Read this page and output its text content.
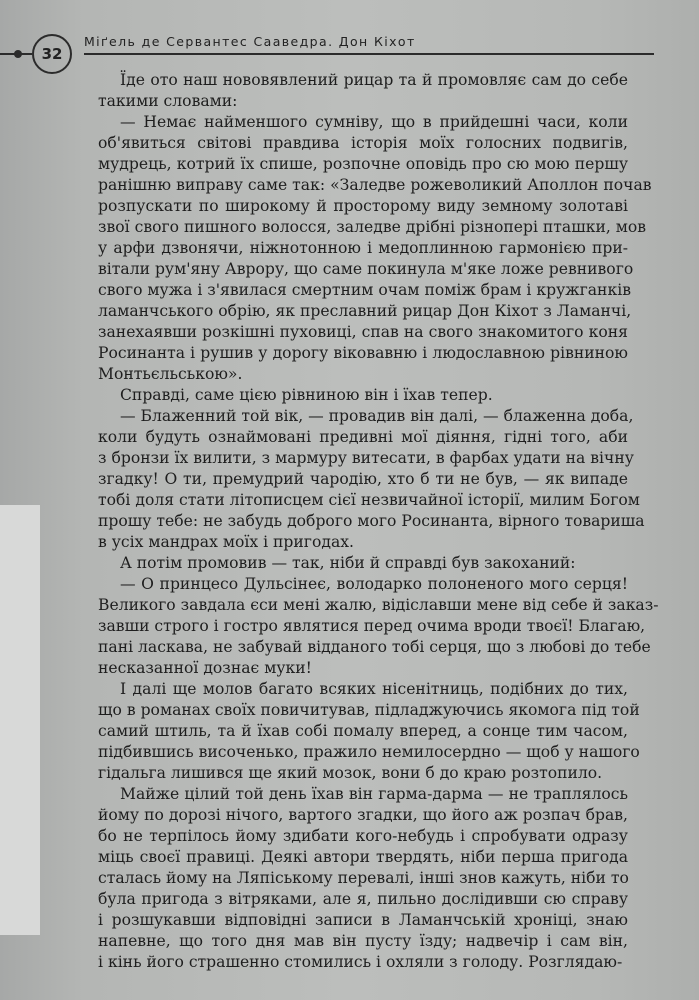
32
Міґель де Сервантес Сааведра. Дон Кіхот

Їде ото наш нововявлений рицар та й промовляє сам до себе
такими словами:

— Немає найменшого сумніву, що в прийдешні часи, коли
об'явиться світові правдива історія моїх голосних подвигів,
мудрець, котрий їх спише, розпочне оповідь про сю мою першу
ранішню виправу саме так: «Заледве рожеволикий Аполлон почав
розпускати по широкому й просторому виду земному золотаві
звої свого пишного волосся, заледве дрібні різнопері пташки, мов
у арфи дзвонячи, ніжнотонною і медоплинною гармонією при-
вітали рум'яну Аврору, що саме покинула м'яке ложе ревнивого
свого мужа і з'явилася смертним очам поміж брам і кружганків
ламанчського обрію, як преславний рицар Дон Кіхот з Ламанчі,
занехаявши розкішні пуховиці, спав на свого знакомитого коня
Росинанта і рушив у дорогу віковавню і людославною рівниною
Монтьєльською».

Справді, саме цією рівниною він і їхав тепер.

— Блаженний той вік, — провадив він далі, — блаженна доба,
коли будуть ознаймовані предивні мої діяння, гідні того, аби
з бронзи їх вилити, з мармуру витесати, в фарбах удати на вічну
згадку! О ти, премудрий чародію, хто б ти не був, — як випаде
тобі доля стати літописцем сієї незвичайної історії, милим Богом
прошу тебе: не забудь доброго мого Росинанта, вірного товариша
в усіх мандрах моїх і пригодах.

А потім промовив — так, ніби й справді був закоханий:

— О принцесо Дульсінеє, володарко полоненого мого серця!
Великого завдала єси мені жалю, відіславши мене від себе й заказ-
завши строго і гостро являтися перед очима вроди твоєї! Благаю,
пані ласкава, не забувай відданого тобі серця, що з любові до тебе
несказанної дознає муки!

І далі ще молов багато всяких нісенітниць, подібних до тих,
що в романах своїх повичитував, підладжуючись якомога під той
самий штиль, та й їхав собі помалу вперед, а сонце тим часом,
підбившись височенько, пражило немилосердно — щоб у нашого
гідальга лишився ще який мозок, вони б до краю розтопило.

Майже цілий той день їхав він гарма-дарма — не траплялось
йому по дорозі нічого, вартого згадки, що його аж розпач брав,
бо не терпілось йому здибати кого-небудь і спробувати одразу
міць своєї правиці. Деякі автори твердять, ніби перша пригода
сталась йому на Ляпіському перевалі, інші знов кажуть, ніби то
була пригода з вітряками, але я, пильно дослідивши сю справу
і розшукавши відповідні записи в Ламанчській хроніці, знаю
напевне, що того дня мав він пусту їзду; надвечір і сам він,
і кінь його страшенно стомились і охляли з голоду. Розглядаю-
